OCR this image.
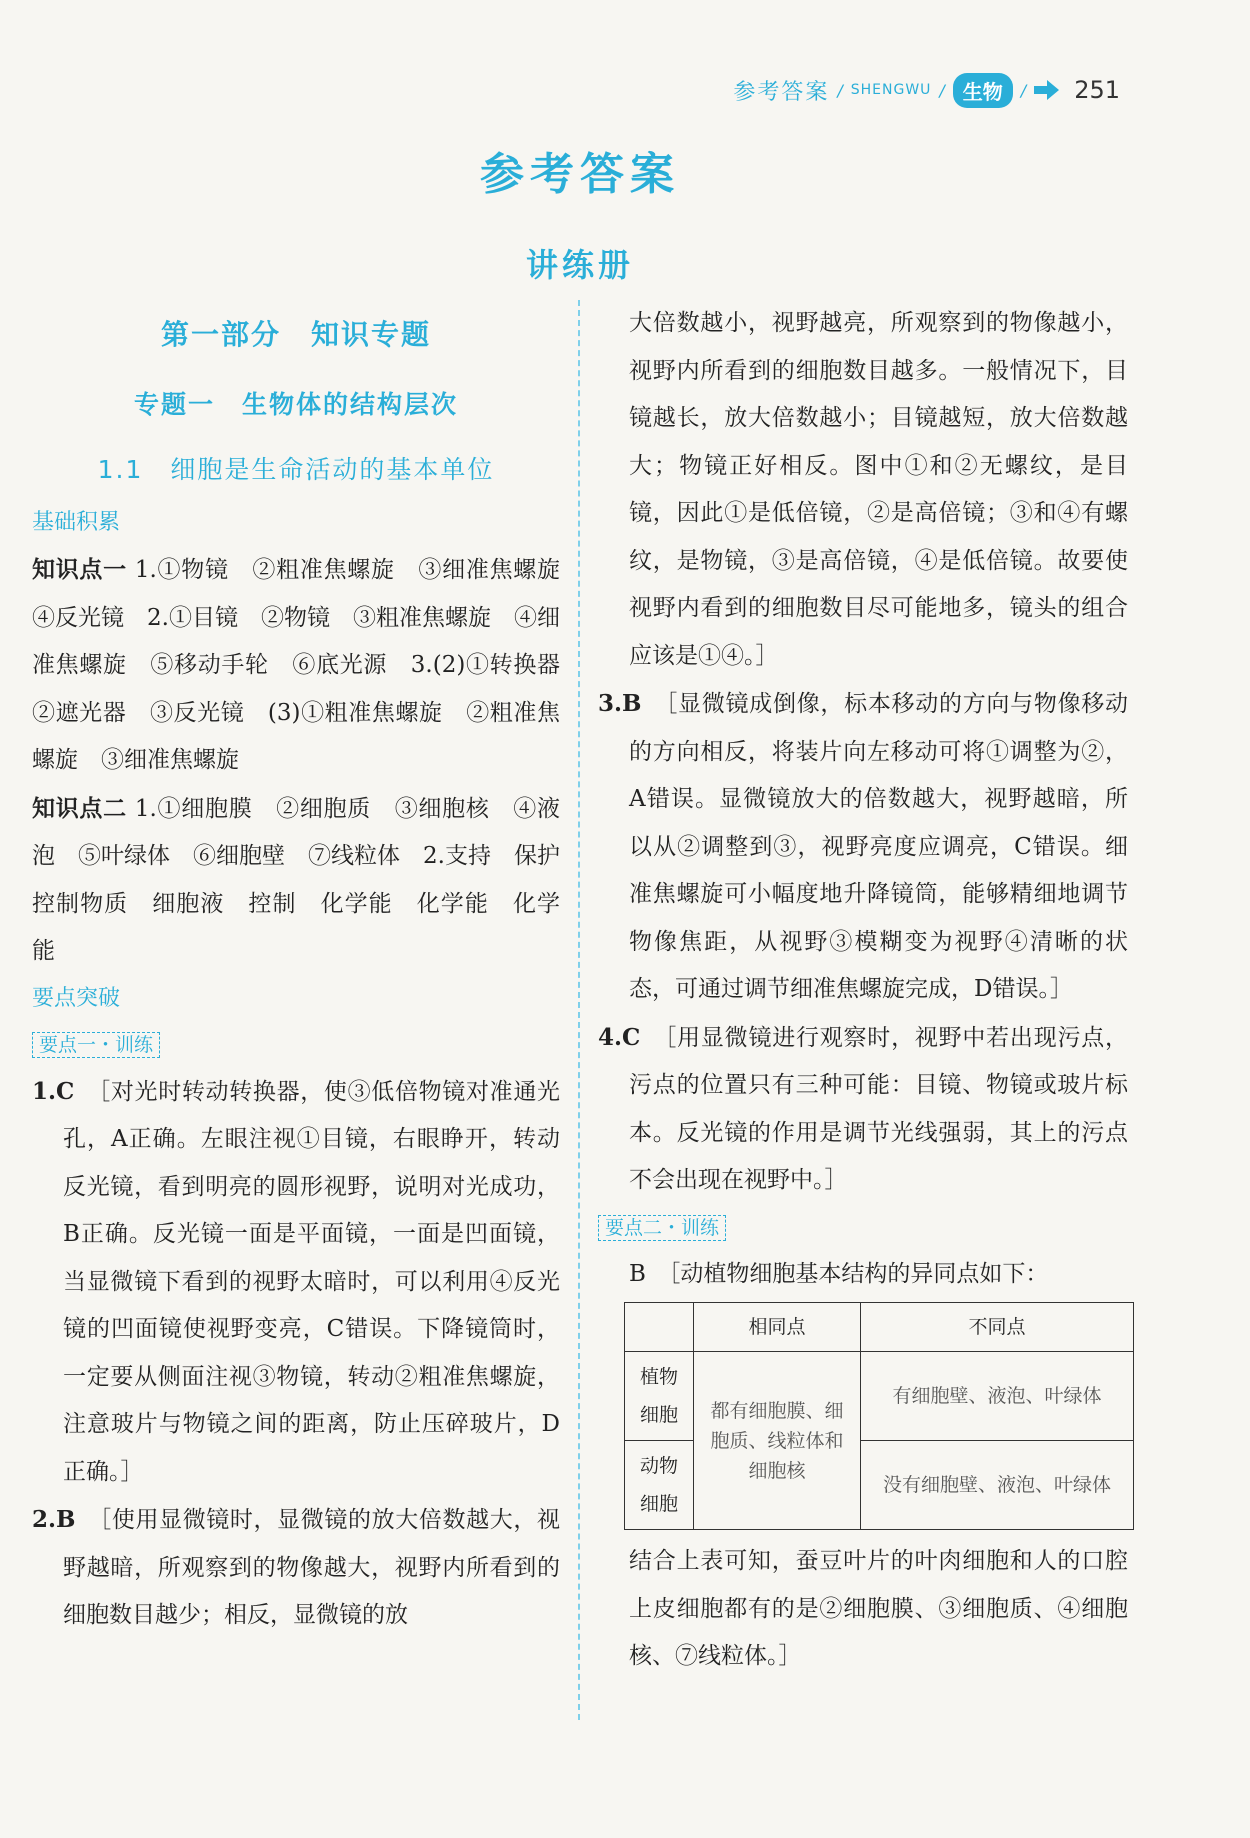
参考答案 / SHENGWU / 生物	/ 251
参考答案
讲练册

第一部分　知识专题

专题一　生物体的结构层次

1.1　细胞是生命活动的基本单位

基础积累

知识点一 1.①物镜　②粗准焦螺旋　③细准焦螺旋　④反光镜　2.①目镜　②物镜　③粗准焦螺旋　④细准焦螺旋　⑤移动手轮　⑥底光源　3.(2)①转换器　②遮光器　③反光镜　(3)①粗准焦螺旋　②粗准焦螺旋　③细准焦螺旋

知识点二 1.①细胞膜　②细胞质　③细胞核　④液泡　⑤叶绿体　⑥细胞壁　⑦线粒体　2.支持　保护　控制物质　细胞液　控制　化学能　化学能　化学能

要点突破

要点一・训练

1.C　 ［对光时转动转换器，使③低倍物镜对准通光孔，A正确。左眼注视①目镜，右眼睁开，转动反光镜，看到明亮的圆形视野，说明对光成功，B正确。反光镜一面是平面镜，一面是凹面镜，当显微镜下看到的视野太暗时，可以利用④反光镜的凹面镜使视野变亮，C错误。下降镜筒时，一定要从侧面注视③物镜，转动②粗准焦螺旋，注意玻片与物镜之间的距离，防止压碎玻片，D正确。］

2.B　 ［使用显微镜时，显微镜的放大倍数越大，视野越暗，所观察到的物像越大，视野内所看到的细胞数目越少；相反，显微镜的放

大倍数越小，视野越亮，所观察到的物像越小，视野内所看到的细胞数目越多。一般情况下，目镜越长，放大倍数越小；目镜越短，放大倍数越大；物镜正好相反。图中①和②无螺纹，是目镜，因此①是低倍镜，②是高倍镜；③和④有螺纹，是物镜，③是高倍镜，④是低倍镜。故要使视野内看到的细胞数目尽可能地多，镜头的组合应该是①④。］

3.B　 ［显微镜成倒像，标本移动的方向与物像移动的方向相反，将装片向左移动可将①调整为②，A错误。显微镜放大的倍数越大，视野越暗，所以从②调整到③，视野亮度应调亮，C错误。细准焦螺旋可小幅度地升降镜筒，能够精细地调节物像焦距，从视野③模糊变为视野④清晰的状态，可通过调节细准焦螺旋完成，D错误。］

4.C　 ［用显微镜进行观察时，视野中若出现污点，污点的位置只有三种可能：目镜、物镜或玻片标本。反光镜的作用是调节光线强弱，其上的污点不会出现在视野中。］

要点二・训练

B　［动植物细胞基本结构的异同点如下：

	相同点	不同点
植物细胞	都有细胞膜、细胞质、线粒体和细胞核	有细胞壁、液泡、叶绿体
动物细胞		没有细胞壁、液泡、叶绿体

结合上表可知，蚕豆叶片的叶肉细胞和人的口腔上皮细胞都有的是②细胞膜、③细胞质、④细胞核、⑦线粒体。］
